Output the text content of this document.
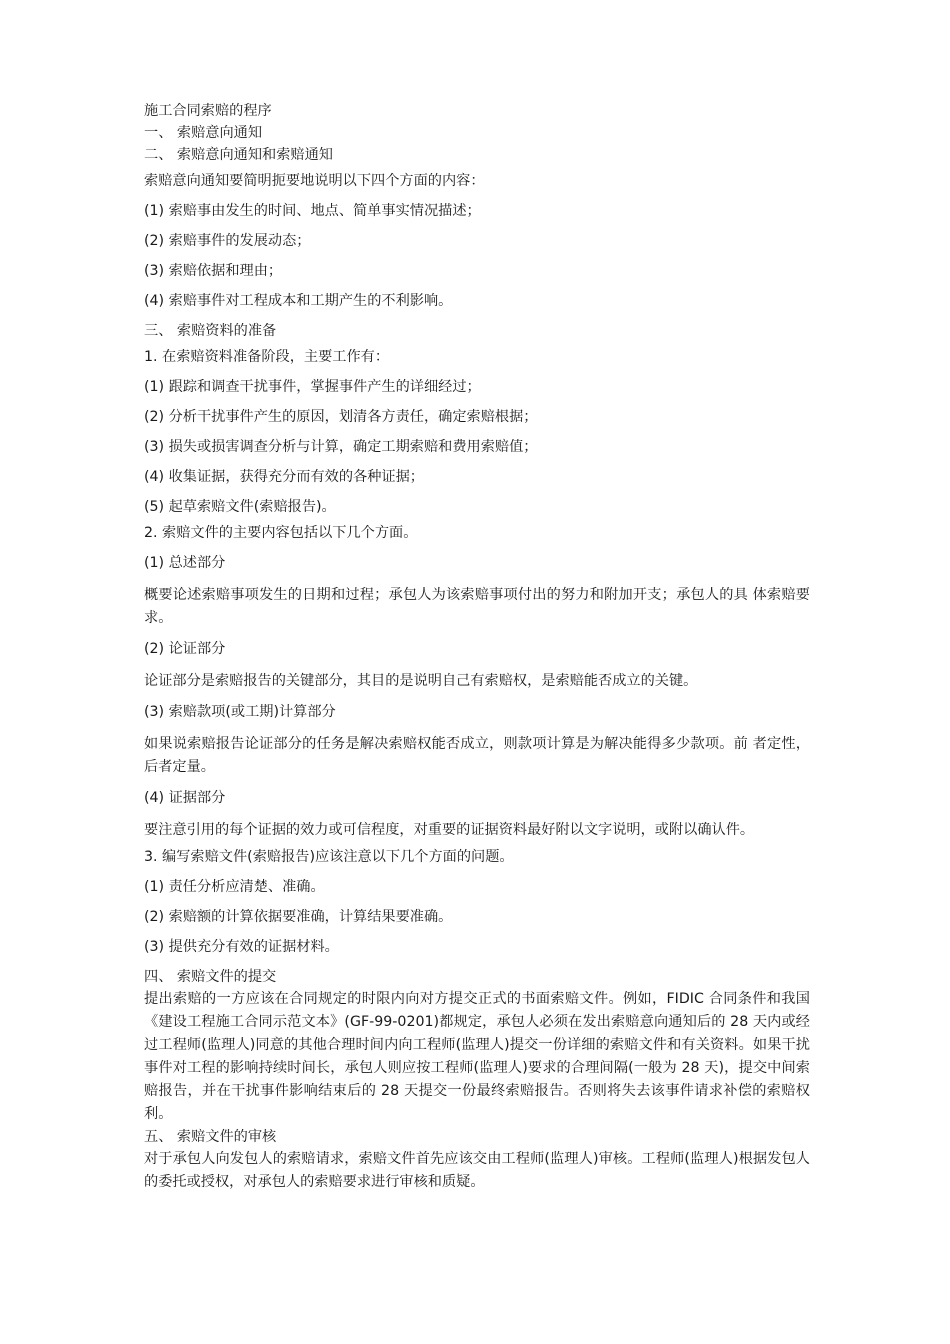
施工合同索赔的程序

一、 索赔意向通知

二、 索赔意向通知和索赔通知

索赔意向通知要简明扼要地说明以下四个方面的内容：

(1) 索赔事由发生的时间、地点、简单事实情况描述；

(2) 索赔事件的发展动态；

(3) 索赔依据和理由；

(4) 索赔事件对工程成本和工期产生的不利影响。

三、 索赔资料的准备

1. 在索赔资料准备阶段，主要工作有：

(1) 跟踪和调查干扰事件，掌握事件产生的详细经过；

(2) 分析干扰事件产生的原因，划清各方责任，确定索赔根据；

(3) 损失或损害调查分析与计算，确定工期索赔和费用索赔值；

(4) 收集证据，获得充分而有效的各种证据；

(5) 起草索赔文件(索赔报告)。

2. 索赔文件的主要内容包括以下几个方面。

(1) 总述部分

概要论述索赔事项发生的日期和过程；承包人为该索赔事项付出的努力和附加开支；承包人的具 体索赔要求。

(2) 论证部分

论证部分是索赔报告的关键部分，其目的是说明自己有索赔权，是索赔能否成立的关键。

(3) 索赔款项(或工期)计算部分

如果说索赔报告论证部分的任务是解决索赔权能否成立，则款项计算是为解决能得多少款项。前 者定性，后者定量。

(4) 证据部分

要注意引用的每个证据的效力或可信程度，对重要的证据资料最好附以文字说明，或附以确认件。

3. 编写索赔文件(索赔报告)应该注意以下几个方面的问题。

(1) 责任分析应清楚、准确。

(2) 索赔额的计算依据要准确，计算结果要准确。

(3) 提供充分有效的证据材料。

四、 索赔文件的提交

提出索赔的一方应该在合同规定的时限内向对方提交正式的书面索赔文件。例如，FIDIC 合同条件和我国《建设工程施工合同示范文本》(GF-99-0201)都规定，承包人必须在发出索赔意向通知后的 28 天内或经过工程师(监理人)同意的其他合理时间内向工程师(监理人)提交一份详细的索赔文件和有关资料。如果干扰事件对工程的影响持续时间长，承包人则应按工程师(监理人)要求的合理间隔(一般为 28 天)，提交中间索赔报告，并在干扰事件影响结束后的 28 天提交一份最终索赔报告。否则将失去该事件请求补偿的索赔权利。

五、 索赔文件的审核

对于承包人向发包人的索赔请求，索赔文件首先应该交由工程师(监理人)审核。工程师(监理人)根据发包人的委托或授权，对承包人的索赔要求进行审核和质疑。
